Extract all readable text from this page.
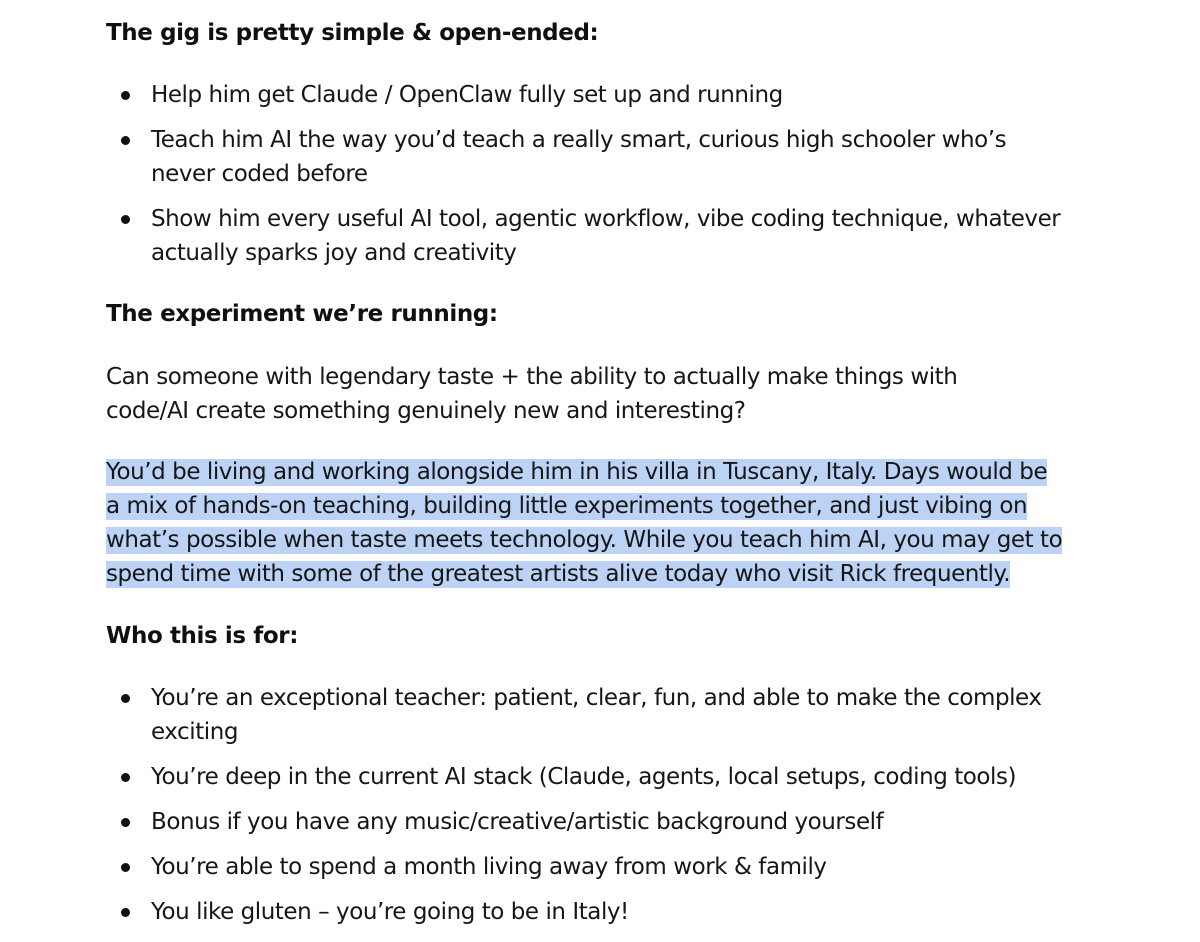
The gig is pretty simple & open-ended:
Help him get Claude / OpenClaw fully set up and running
Teach him AI the way you’d teach a really smart, curious high schooler who’s never coded before
Show him every useful AI tool, agentic workflow, vibe coding technique, whatever actually sparks joy and creativity
The experiment we’re running:
Can someone with legendary taste + the ability to actually make things with code/AI create something genuinely new and interesting?
You’d be living and working alongside him in his villa in Tuscany, Italy. Days would be a mix of hands-on teaching, building little experiments together, and just vibing on what’s possible when taste meets technology. While you teach him AI, you may get to spend time with some of the greatest artists alive today who visit Rick frequently.
Who this is for:
You’re an exceptional teacher: patient, clear, fun, and able to make the complex exciting
You’re deep in the current AI stack (Claude, agents, local setups, coding tools)
Bonus if you have any music/creative/artistic background yourself
You’re able to spend a month living away from work & family
You like gluten – you’re going to be in Italy!
